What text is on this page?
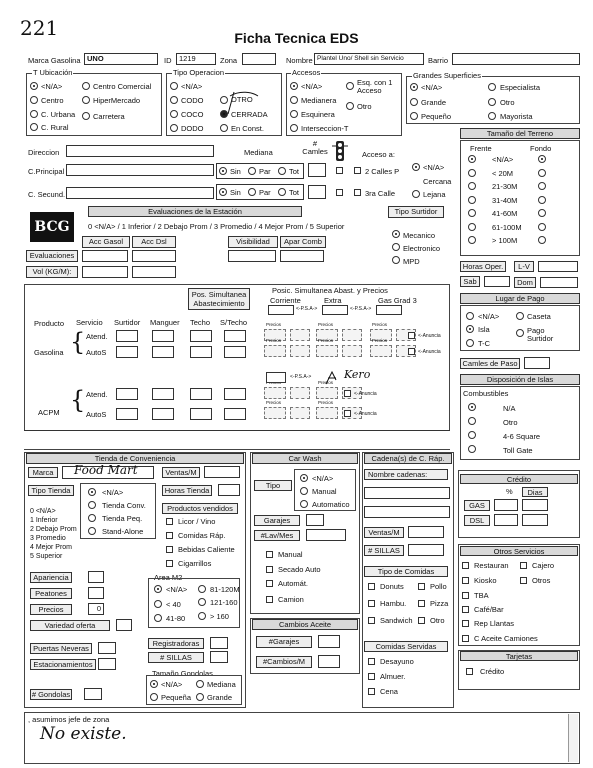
221	Ficha Tecnica EDS
Marca Gasolina UNO	ID	1219	Zona	Nombre Plantel Uno/ Shell sin Servicio	Barrio
T Ubicación
<N/A>	Centro Comercial
Centro	HiperMercado
C. Urbana Carretera
C. Rural
Tipo Operacion
<N/A>
OTRO
CODO
CERRADA
COCO
En Const.
DODO
Accesos
<N/A>	Esq. con 1 Acceso
Medianera
Otro
Esquinera
Interseccion-T
Grandes Superficies
<N/A>	Especialista
Grande	Otro
Pequeño	Mayorista
Tamaño del Terreno
Frente	Fondo
<N/A>
< 20M
21-30M
31-40M
41-60M
61-100M
> 100M
Direccion	Mediana
# Camles	Acceso a:
C.Principal	Sin Par Tot	2 Calles P	<N/A>
Cercana
Lejana
C. Secund.	Sin Par Tot	3ra Calle
BCG
Evaluaciones de la Estación
0 <N/A> / 1 Inferior / 2 Debajo Prom / 3 Promedio / 4 Mejor Prom / 5 Superior
Tipo Surtidor
Mecanico
Electronico
MPD
Acc Gasol	Acc Dsl	Visibilidad	Apar Comb
Evaluaciones
Vol (KG/M):
Horas Oper.	L-V
Sab	Dom
Lugar de Pago
<N/A>	Caseta
Isla	Pago Surtidor
T-C
Camles de Paso
Disposición de Islas
Combustibles
N/A
Otro
4-6 Square
Toll Gate
Pos. Simultanea Abastecimiento
Posic. Simultanea Abast. y Precios
Corriente	Extra	Gas Grad 3
<-P.S.A->	<-P.S.A->
Producto Servicio Surtidor Manguer Techo S/Techo
Gasolina
ACPM
Atend.
Precios	Precios	Precios
<-Anuncia
AutoS
Precios	Precios	Precios
<-Anuncia
Atend.
Precios
<-Anuncia
AutoS
Precios	Precios
<-Anuncia
{
{
<-P.S.A->	Kero
Tienda de Conveniencia
Marca	Food Mart	Ventas/M
Tipo Tienda	<N/A>
Tienda Conv.
Tienda Peq.
Stand-Alone
Horas Tienda
0 <N/A>
1 Inferior
2 Debajo Prom
3 Promedio
4 Mejor Prom
5 Superior
Productos vendidos
Licor / Vino
Comidas Ráp.
Bebidas Caliente
Cigarrillos
Apariencia
Peatones
Precios	0
Variedad oferta
Area M2
<N/A>	81-120M
< 40	121-160
41-80	> 160
Puertas Neveras
Estacionamientos
Registradoras
# SILLAS
Tamaño Gondolas
<N/A>	Mediana
Pequeña Grande
# Gondolas
Car Wash
Tipo
<N/A>
Manual
Automatico
Garajes
#Lav/Mes
Manual
Secado Auto
Automát.
Camion
Cambios Aceite
#Garajes
#Cambios/M
Cadena(s) de C. Ráp.
Nombre cadenas:
Ventas/M
# SILLAS
Tipo de Comidas
Donuts	Pollo
Hambu.	Pizza
Sandwich Otro
Comidas Servidas
Desayuno
Almuer.
Cena
Crédito
%	Dias
GAS
DSL
Otros Servicios
Restauran	Cajero
Kiosko	Otros
TBA
Café/Bar
Rep Llantas
C Aceite Camiones
Tarjetas
Crédito
, asumimos jefe de zona
No existe.
